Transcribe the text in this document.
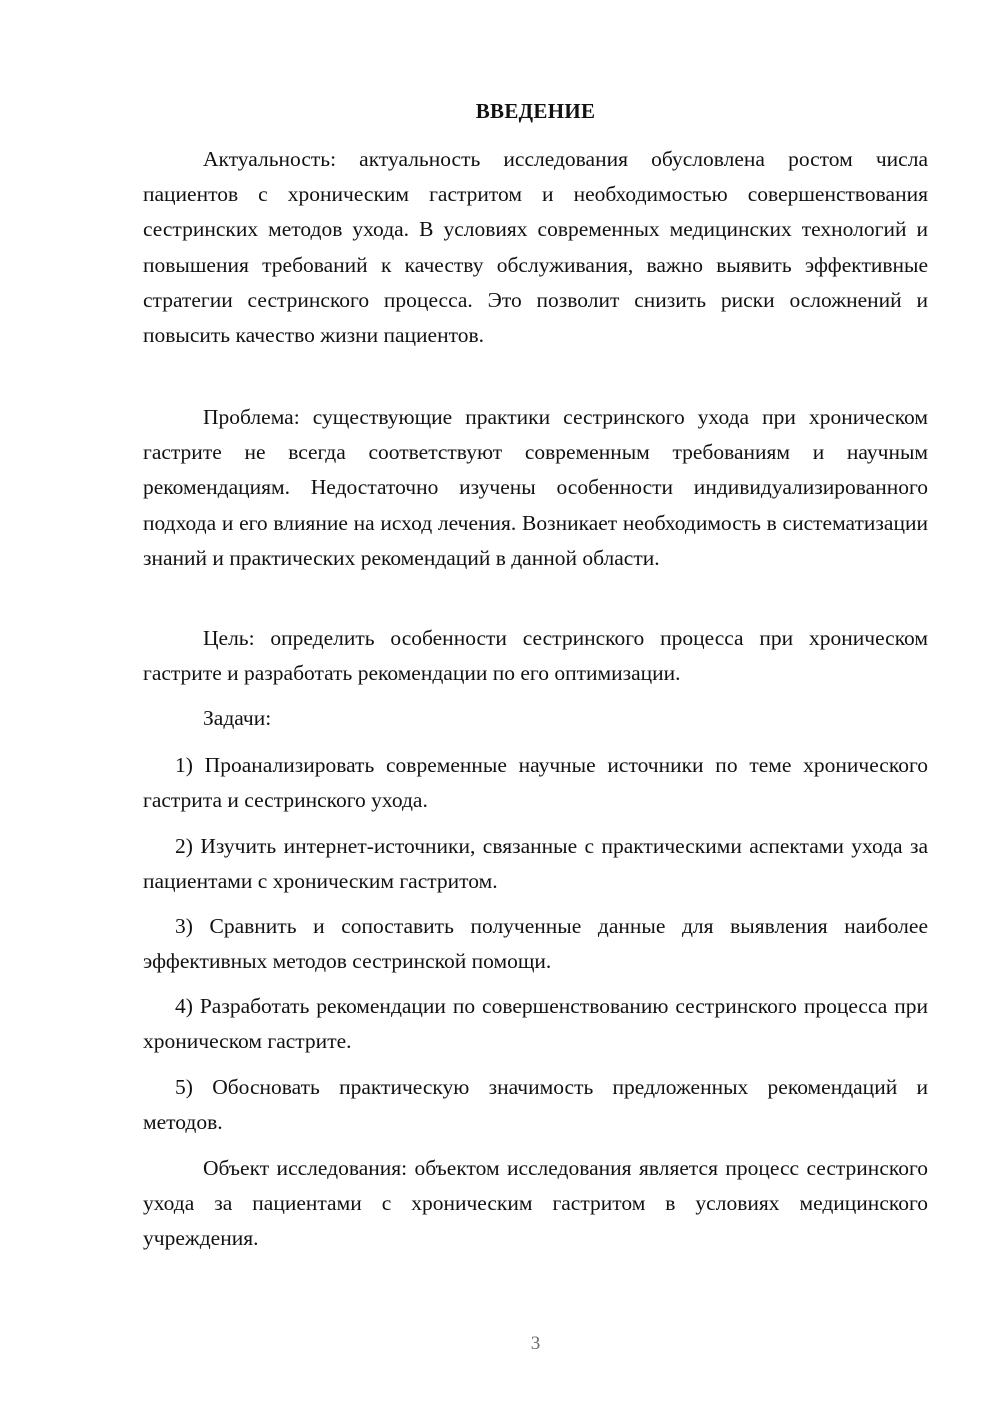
ВВЕДЕНИЕ

Актуальность: актуальность исследования обусловлена ростом числа пациентов с хроническим гастритом и необходимостью совершенствования сестринских методов ухода. В условиях современных медицинских технологий и повышения требований к качеству обслуживания, важно выявить эффективные стратегии сестринского процесса. Это позволит снизить риски осложнений и повысить качество жизни пациентов.

Проблема: существующие практики сестринского ухода при хроническом гастрите не всегда соответствуют современным требованиям и научным рекомендациям. Недостаточно изучены особенности индивидуализированного подхода и его влияние на исход лечения. Возникает необходимость в систематизации знаний и практических рекомендаций в данной области.

Цель: определить особенности сестринского процесса при хроническом гастрите и разработать рекомендации по его оптимизации.

Задачи:

1) Проанализировать современные научные источники по теме хронического гастрита и сестринского ухода.

2) Изучить интернет-источники, связанные с практическими аспектами ухода за пациентами с хроническим гастритом.

3) Сравнить и сопоставить полученные данные для выявления наиболее эффективных методов сестринской помощи.

4) Разработать рекомендации по совершенствованию сестринского процесса при хроническом гастрите.

5) Обосновать практическую значимость предложенных рекомендаций и методов.

Объект исследования: объектом исследования является процесс сестринского ухода за пациентами с хроническим гастритом в условиях медицинского учреждения.

3
